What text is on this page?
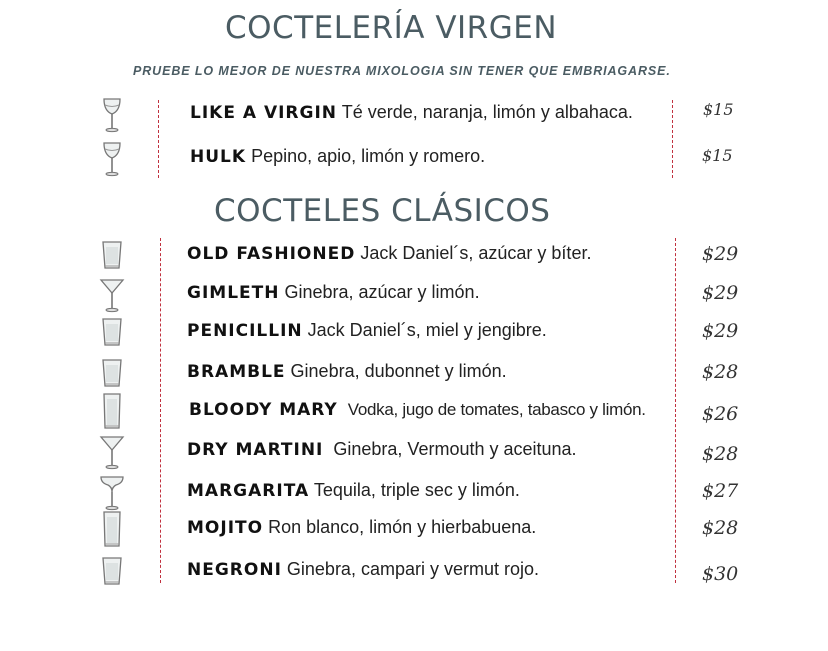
COCTELERÍA VIRGEN

PRUEBE LO MEJOR DE NUESTRA MIXOLOGIA SIN TENER QUE EMBRIAGARSE.

LIKE A VIRGIN Té verde, naranja, limón y albahaca.	$15
HULK Pepino, apio, limón y romero.	$15
COCTELES CLÁSICOS
OLD FASHIONED Jack Daniel´s, azúcar y bíter.	$29
GIMLETH Ginebra, azúcar y limón.	$29
PENICILLIN Jack Daniel´s, miel y jengibre.	$29
BRAMBLE Ginebra, dubonnet y limón.	$28
BLOODY MARY Vodka, jugo de tomates, tabasco y limón.	$26
DRY MARTINI Ginebra, Vermouth y aceituna.	$28
MARGARITA Tequila, triple sec y limón.	$27
MOJITO Ron blanco, limón y hierbabuena.	$28
NEGRONI Ginebra, campari y vermut rojo.	$30
